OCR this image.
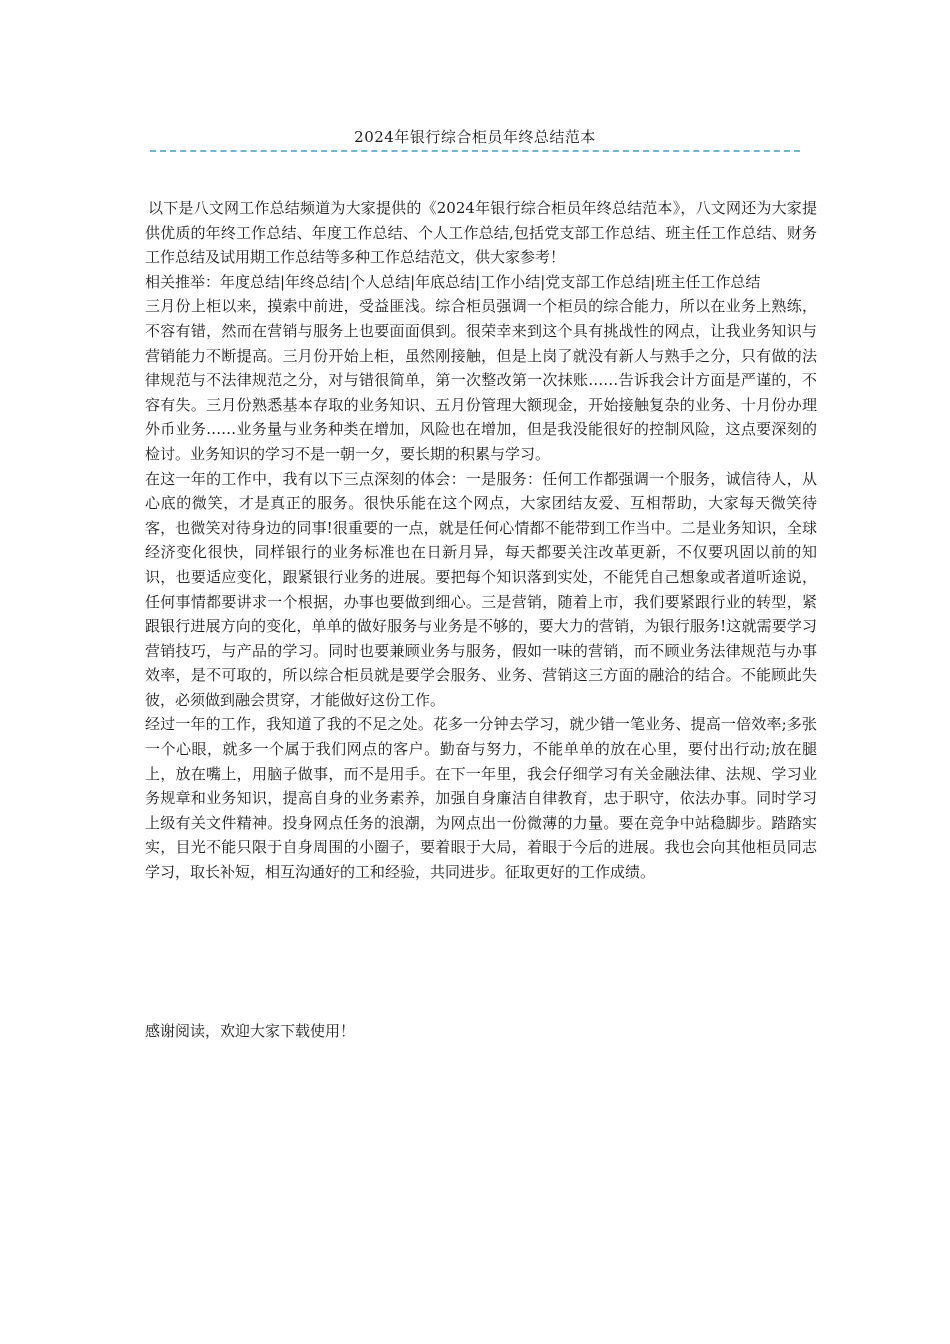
2024年银行综合柜员年终总结范本

以下是八文网工作总结频道为大家提供的《2024年银行综合柜员年终总结范本》，八文网还为大家提供优质的年终工作总结、年度工作总结、个人工作总结,包括党支部工作总结、班主任工作总结、财务工作总结及试用期工作总结等多种工作总结范文，供大家参考！

相关推举：年度总结|年终总结|个人总结|年底总结|工作小结|党支部工作总结|班主任工作总结

三月份上柜以来，摸索中前进，受益匪浅。综合柜员强调一个柜员的综合能力，所以在业务上熟练，不容有错，然而在营销与服务上也要面面俱到。很荣幸来到这个具有挑战性的网点，让我业务知识与营销能力不断提高。三月份开始上柜，虽然刚接触，但是上岗了就没有新人与熟手之分，只有做的法律规范与不法律规范之分，对与错很简单，第一次整改第一次抹账……告诉我会计方面是严谨的，不容有失。三月份熟悉基本存取的业务知识、五月份管理大额现金，开始接触复杂的业务、十月份办理外币业务……业务量与业务种类在增加，风险也在增加，但是我没能很好的控制风险，这点要深刻的检讨。业务知识的学习不是一朝一夕，要长期的积累与学习。

在这一年的工作中，我有以下三点深刻的体会：一是服务：任何工作都强调一个服务，诚信待人，从心底的微笑，才是真正的服务。很快乐能在这个网点，大家团结友爱、互相帮助，大家每天微笑待客，也微笑对待身边的同事!很重要的一点，就是任何心情都不能带到工作当中。二是业务知识，全球经济变化很快，同样银行的业务标准也在日新月异，每天都要关注改革更新，不仅要巩固以前的知识，也要适应变化，跟紧银行业务的进展。要把每个知识落到实处，不能凭自己想象或者道听途说，任何事情都要讲求一个根据，办事也要做到细心。三是营销，随着上市，我们要紧跟行业的转型，紧跟银行进展方向的变化，单单的做好服务与业务是不够的，要大力的营销，为银行服务!这就需要学习营销技巧，与产品的学习。同时也要兼顾业务与服务，假如一味的营销，而不顾业务法律规范与办事效率，是不可取的，所以综合柜员就是要学会服务、业务、营销这三方面的融洽的结合。不能顾此失彼，必须做到融会贯穿，才能做好这份工作。

经过一年的工作，我知道了我的不足之处。花多一分钟去学习，就少错一笔业务、提高一倍效率;多张一个心眼，就多一个属于我们网点的客户。勤奋与努力，不能单单的放在心里，要付出行动;放在腿上，放在嘴上，用脑子做事，而不是用手。在下一年里，我会仔细学习有关金融法律、法规、学习业务规章和业务知识，提高自身的业务素养，加强自身廉洁自律教育，忠于职守，依法办事。同时学习上级有关文件精神。投身网点任务的浪潮，为网点出一份微薄的力量。要在竞争中站稳脚步。踏踏实实，目光不能只限于自身周围的小圈子，要着眼于大局，着眼于今后的进展。我也会向其他柜员同志学习，取长补短，相互沟通好的工和经验，共同进步。征取更好的工作成绩。

感谢阅读，欢迎大家下载使用！
